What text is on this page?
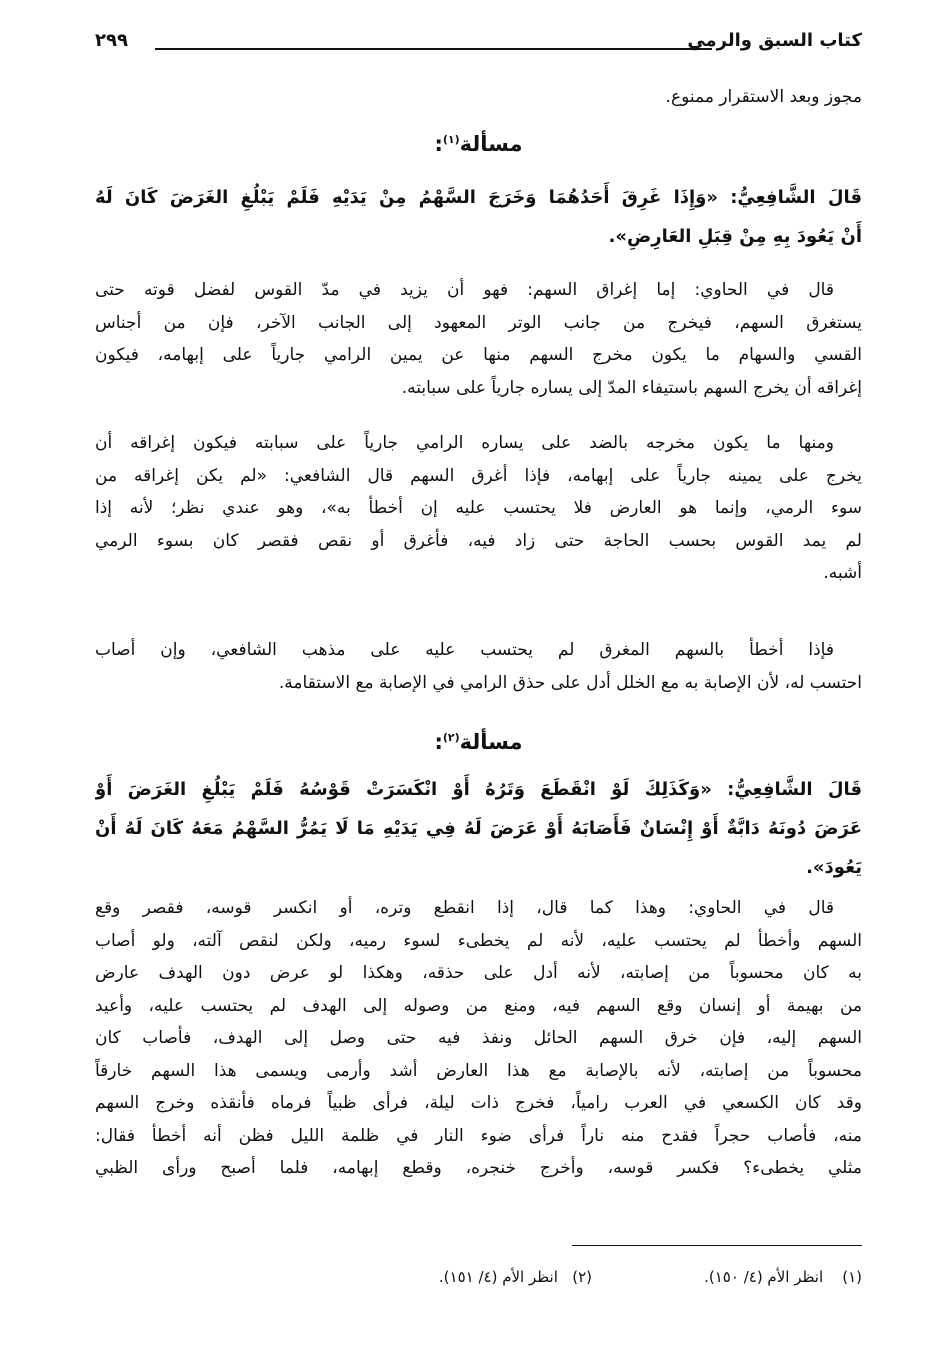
كتاب السبق والرمي
٢٩٩
مجوز وبعد الاستقرار ممنوع.
مسألة$^{(١)}$:
قَالَ الشَّافِعِيُّ: «وَإِذَا غَرِقَ أَحَدُهُمَا وَخَرَجَ السَّهْمُ مِنْ يَدَيْهِ فَلَمْ يَبْلُغِ الغَرَضَ كَانَ لَهُ
أَنْ يَعُودَ بِهِ مِنْ قِبَلِ العَارِضِ».
قال في الحاوي: إما إغراق السهم: فهو أن يزيد في مدّ القوس لفضل قوته حتى
يستغرق السهم، فيخرج من جانب الوتر المعهود إلى الجانب الآخر، فإن من أجناس
القسي والسهام ما يكون مخرج السهم منها عن يمين الرامي جارياً على إبهامه، فيكون
إغراقه أن يخرج السهم باستيفاء المدّ إلى يساره جارياً على سبابته.
ومنها ما يكون مخرجه بالضد على يساره الرامي جارياً على سبابته فيكون إغراقه أن
يخرج على يمينه جارياً على إبهامه، فإذا أغرق السهم قال الشافعي: «لم يكن إغراقه من
سوء الرمي، وإنما هو العارض فلا يحتسب عليه إن أخطأ به»، وهو عندي نظر؛ لأنه إذا
لم يمد القوس بحسب الحاجة حتى زاد فيه، فأغرق أو نقص فقصر كان بسوء الرمي
أشبه.
فإذا أخطأ بالسهم المغرق لم يحتسب عليه على مذهب الشافعي، وإن أصاب
احتسب له، لأن الإصابة به مع الخلل أدل على حذق الرامي في الإصابة مع الاستقامة.
مسألة$^{(٢)}$:
قَالَ الشَّافِعِيُّ: «وَكَذَلِكَ لَوْ انْقَطَعَ وَتَرُهُ أَوْ انْكَسَرَتْ قَوْسُهُ فَلَمْ يَبْلُغِ الغَرَضَ أَوْ
عَرَضَ دُونَهُ دَابَّةٌ أَوْ إِنْسَانٌ فَأَصَابَهُ أَوْ عَرَضَ لَهُ فِي يَدَيْهِ مَا لَا يَمُرُّ السَّهْمُ مَعَهُ كَانَ لَهُ أَنْ
يَعُودَ».
قال في الحاوي: وهذا كما قال، إذا انقطع وتره، أو انكسر قوسه، فقصر وقع
السهم وأخطأ لم يحتسب عليه، لأنه لم يخطىء لسوء رميه، ولكن لنقص آلته، ولو أصاب
به كان محسوباً من إصابته، لأنه أدل على حذقه، وهكذا لو عرض دون الهدف عارض
من بهيمة أو إنسان وقع السهم فيه، ومنع من وصوله إلى الهدف لم يحتسب عليه، وأعيد
السهم إليه، فإن خرق السهم الحائل ونفذ فيه حتى وصل إلى الهدف، فأصاب كان
محسوباً من إصابته، لأنه بالإصابة مع هذا العارض أشد وأرمى ويسمى هذا السهم خارقاً
وقد كان الكسعي في العرب رامياً، فخرج ذات ليلة، فرأى ظبياً فرماه فأنقذه وخرج السهم
منه، فأصاب حجراً فقدح منه ناراً فرأى ضوء النار في ظلمة الليل فظن أنه أخطأ فقال:
مثلي يخطىء؟ فكسر قوسه، وأخرج خنجره، وقطع إبهامه، فلما أصبح ورأى الظبي
(١)    انظر الأم (٤/ ١٥٠).
(٢)   انظر الأم (٤/ ١٥١).
